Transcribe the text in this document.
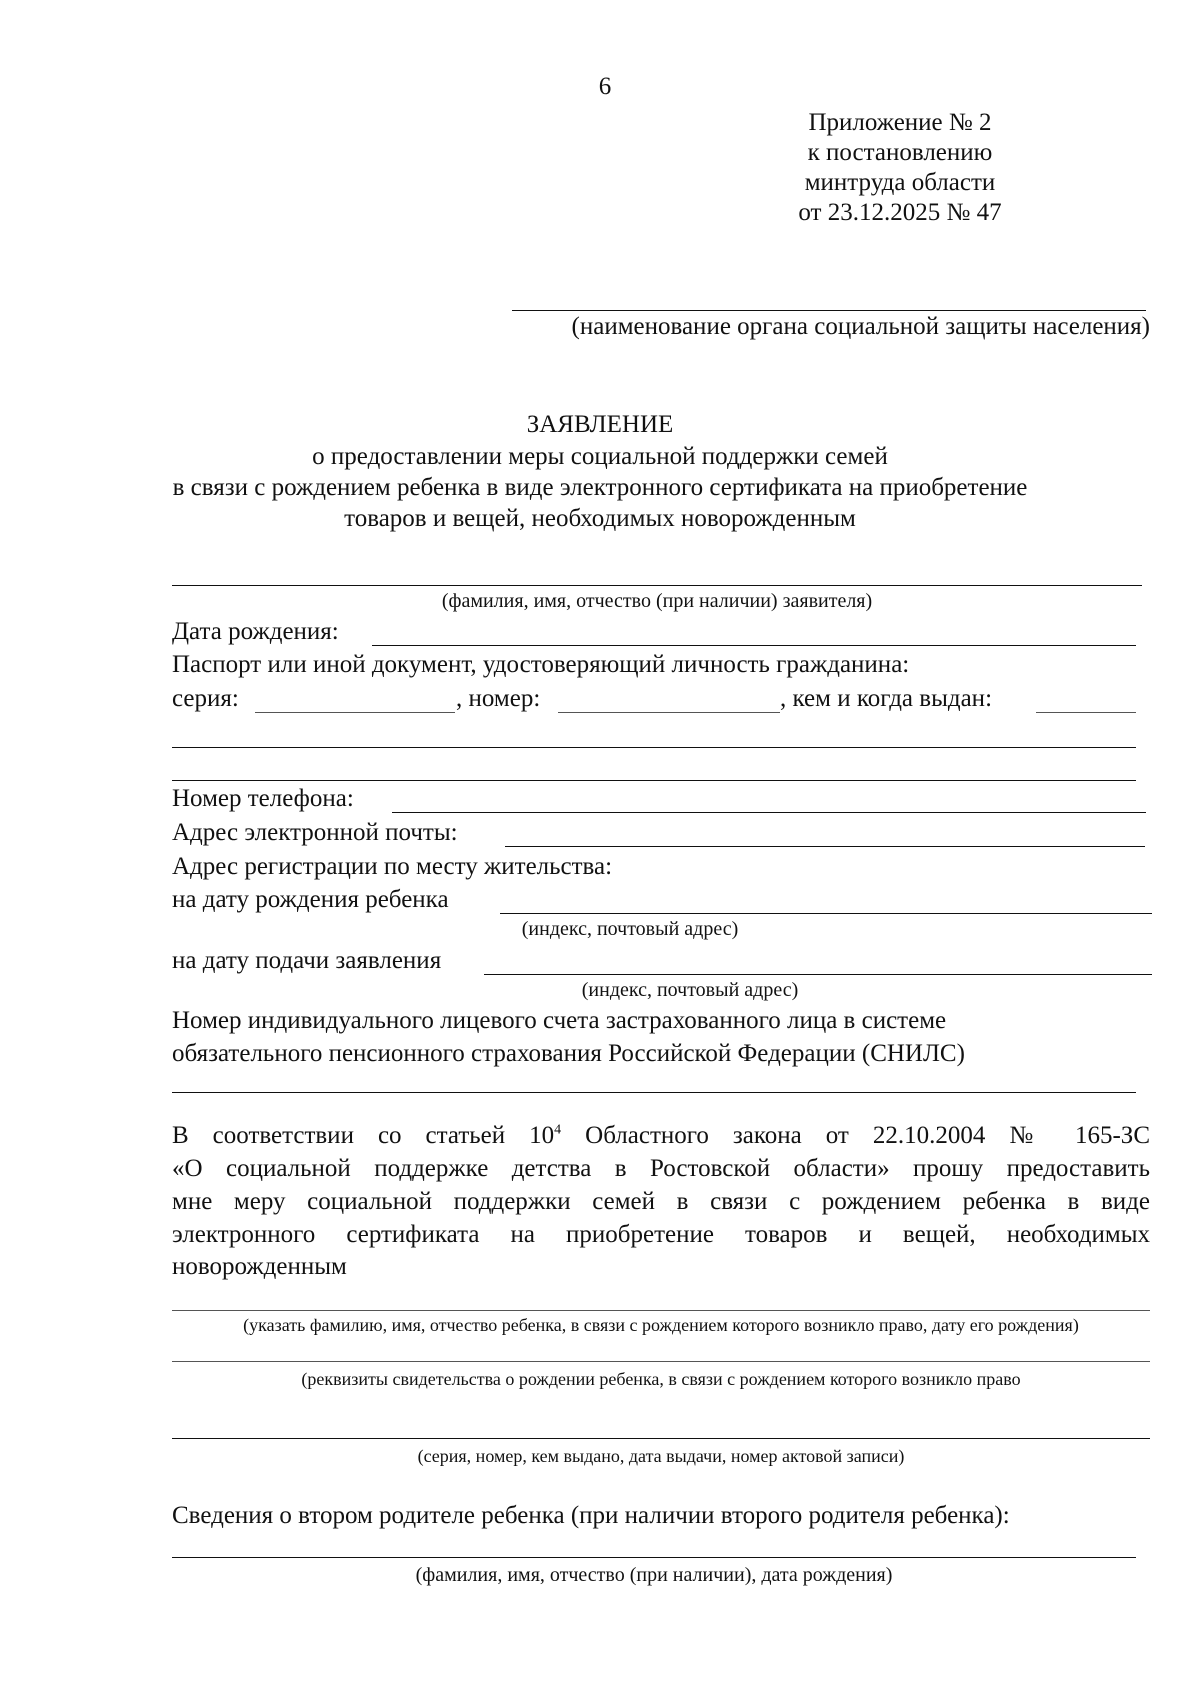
6
Приложение № 2
к постановлению
минтруда области
от 23.12.2025 № 47
(наименование органа социальной защиты населения)
ЗАЯВЛЕНИЕ
о предоставлении меры социальной поддержки семей
в связи с рождением ребенка в виде электронного сертификата на приобретение
товаров и вещей, необходимых новорожденным
(фамилия, имя, отчество (при наличии) заявителя)
Дата рождения:
Паспорт или иной документ, удостоверяющий личность гражданина:
серия:	, номер:	, кем и когда выдан:
Номер телефона:
Адрес электронной почты:
Адрес регистрации по месту жительства:
на дату рождения ребенка
(индекс, почтовый адрес)
на дату подачи заявления
(индекс, почтовый адрес)
Номер индивидуального лицевого счета застрахованного лица в системе
обязательного пенсионного страхования Российской Федерации (СНИЛС)
В соответствии со статьей $10^4$ Областного закона от 22.10.2004 № 165-ЗС
«О социальной поддержке детства в Ростовской области» прошу предоставить
мне меру социальной поддержки семей в связи с рождением ребенка в виде
электронного сертификата на приобретение товаров и вещей, необходимых
новорожденным
(указать фамилию, имя, отчество ребенка, в связи с рождением которого возникло право, дату его рождения)
(реквизиты свидетельства о рождении ребенка, в связи с рождением которого возникло право
(серия, номер, кем выдано, дата выдачи, номер актовой записи)
Сведения о втором родителе ребенка (при наличии второго родителя ребенка):
(фамилия, имя, отчество (при наличии), дата рождения)
